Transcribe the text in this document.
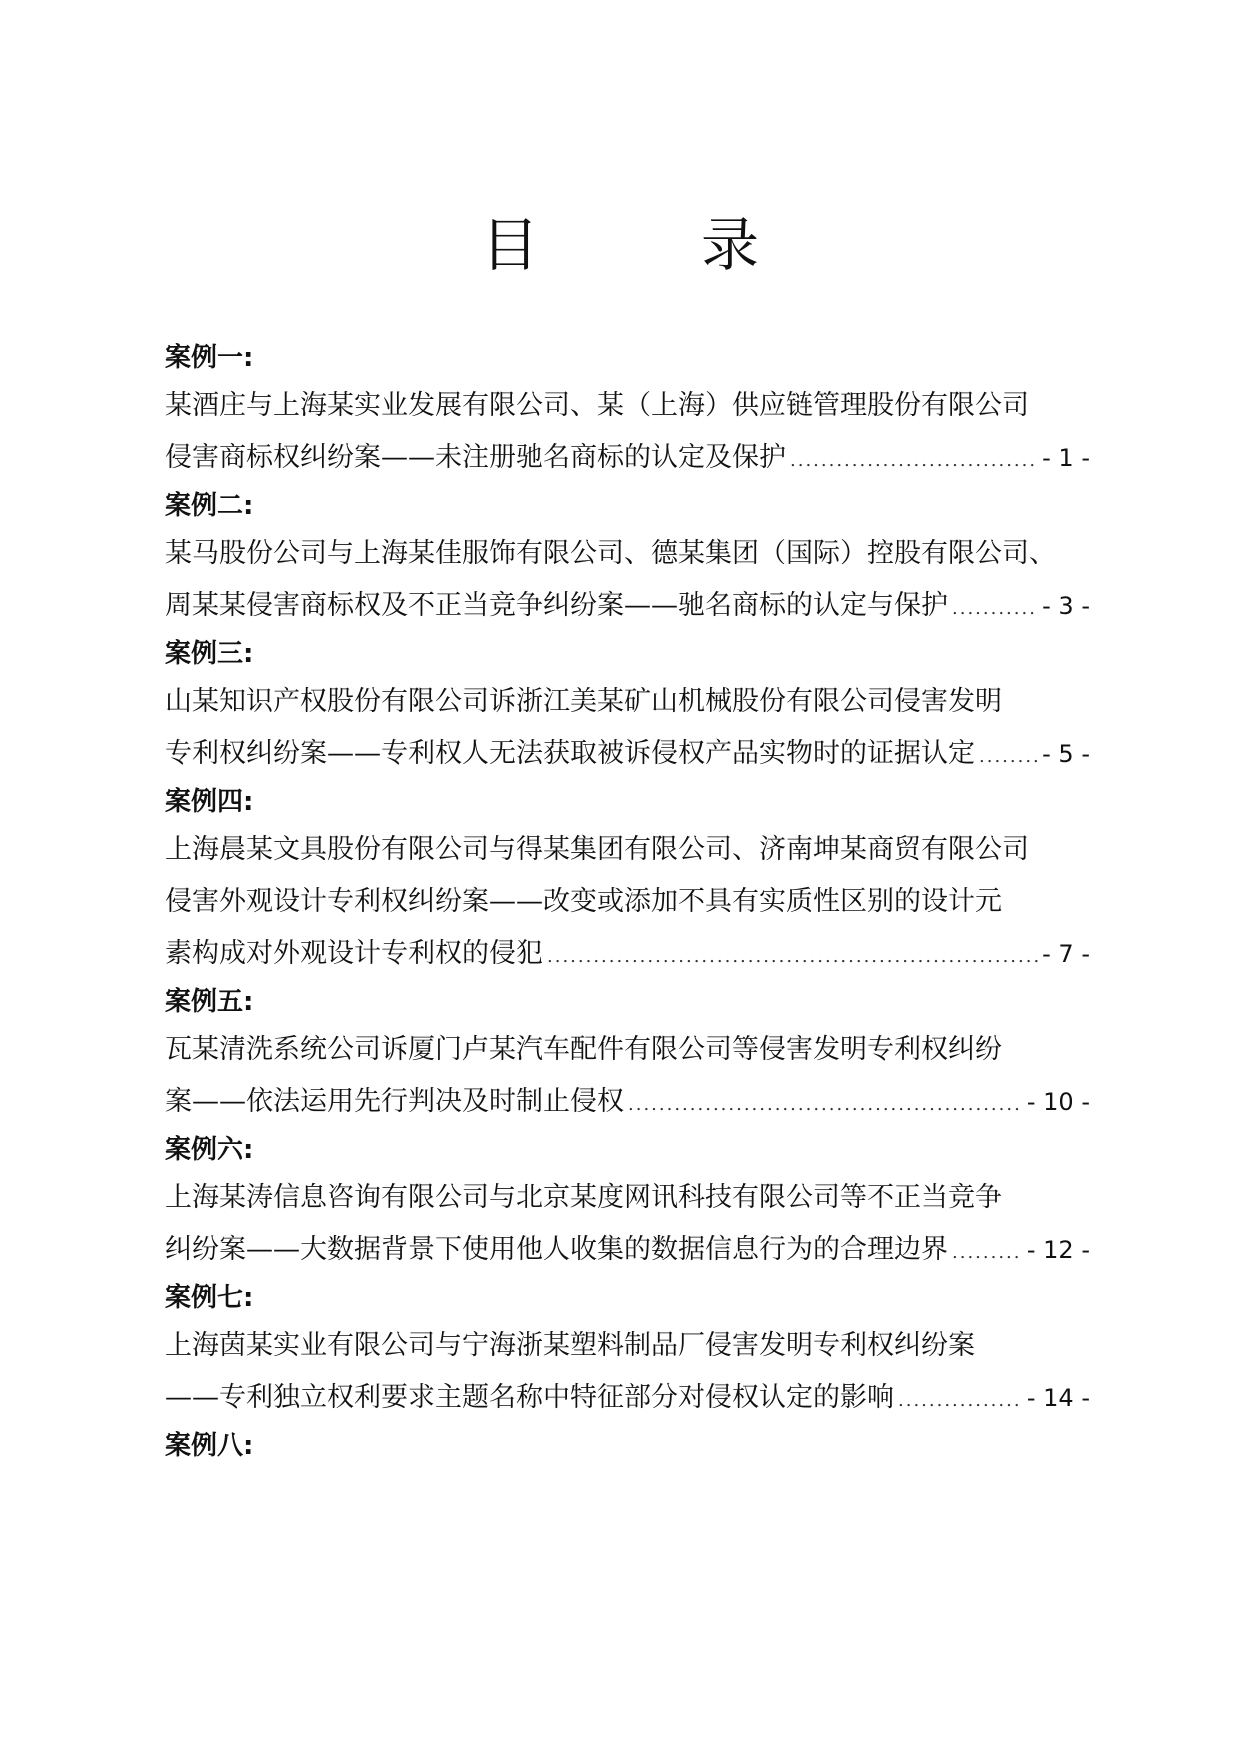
目　录
案例一:
某酒庄与上海某实业发展有限公司、某（上海）供应链管理股份有限公司
侵害商标权纠纷案——未注册驰名商标的认定及保护 .....	- 1 -
案例二:
某马股份公司与上海某佳服饰有限公司、德某集团（国际）控股有限公司、
周某某侵害商标权及不正当竞争纠纷案——驰名商标的认定与保护 .....	- 3 -
案例三:
山某知识产权股份有限公司诉浙江美某矿山机械股份有限公司侵害发明
专利权纠纷案——专利权人无法获取被诉侵权产品实物时的证据认定 .....	- 5 -
案例四:
上海晨某文具股份有限公司与得某集团有限公司、济南坤某商贸有限公司
侵害外观设计专利权纠纷案——改变或添加不具有实质性区别的设计元
素构成对外观设计专利权的侵犯 .....	- 7 -
案例五:
瓦某清洗系统公司诉厦门卢某汽车配件有限公司等侵害发明专利权纠纷
案——依法运用先行判决及时制止侵权 .....	- 10 -
案例六:
上海某涛信息咨询有限公司与北京某度网讯科技有限公司等不正当竞争
纠纷案——大数据背景下使用他人收集的数据信息行为的合理边界 .....	- 12 -
案例七:
上海茵某实业有限公司与宁海浙某塑料制品厂侵害发明专利权纠纷案
——专利独立权利要求主题名称中特征部分对侵权认定的影响 .....	- 14 -
案例八:
